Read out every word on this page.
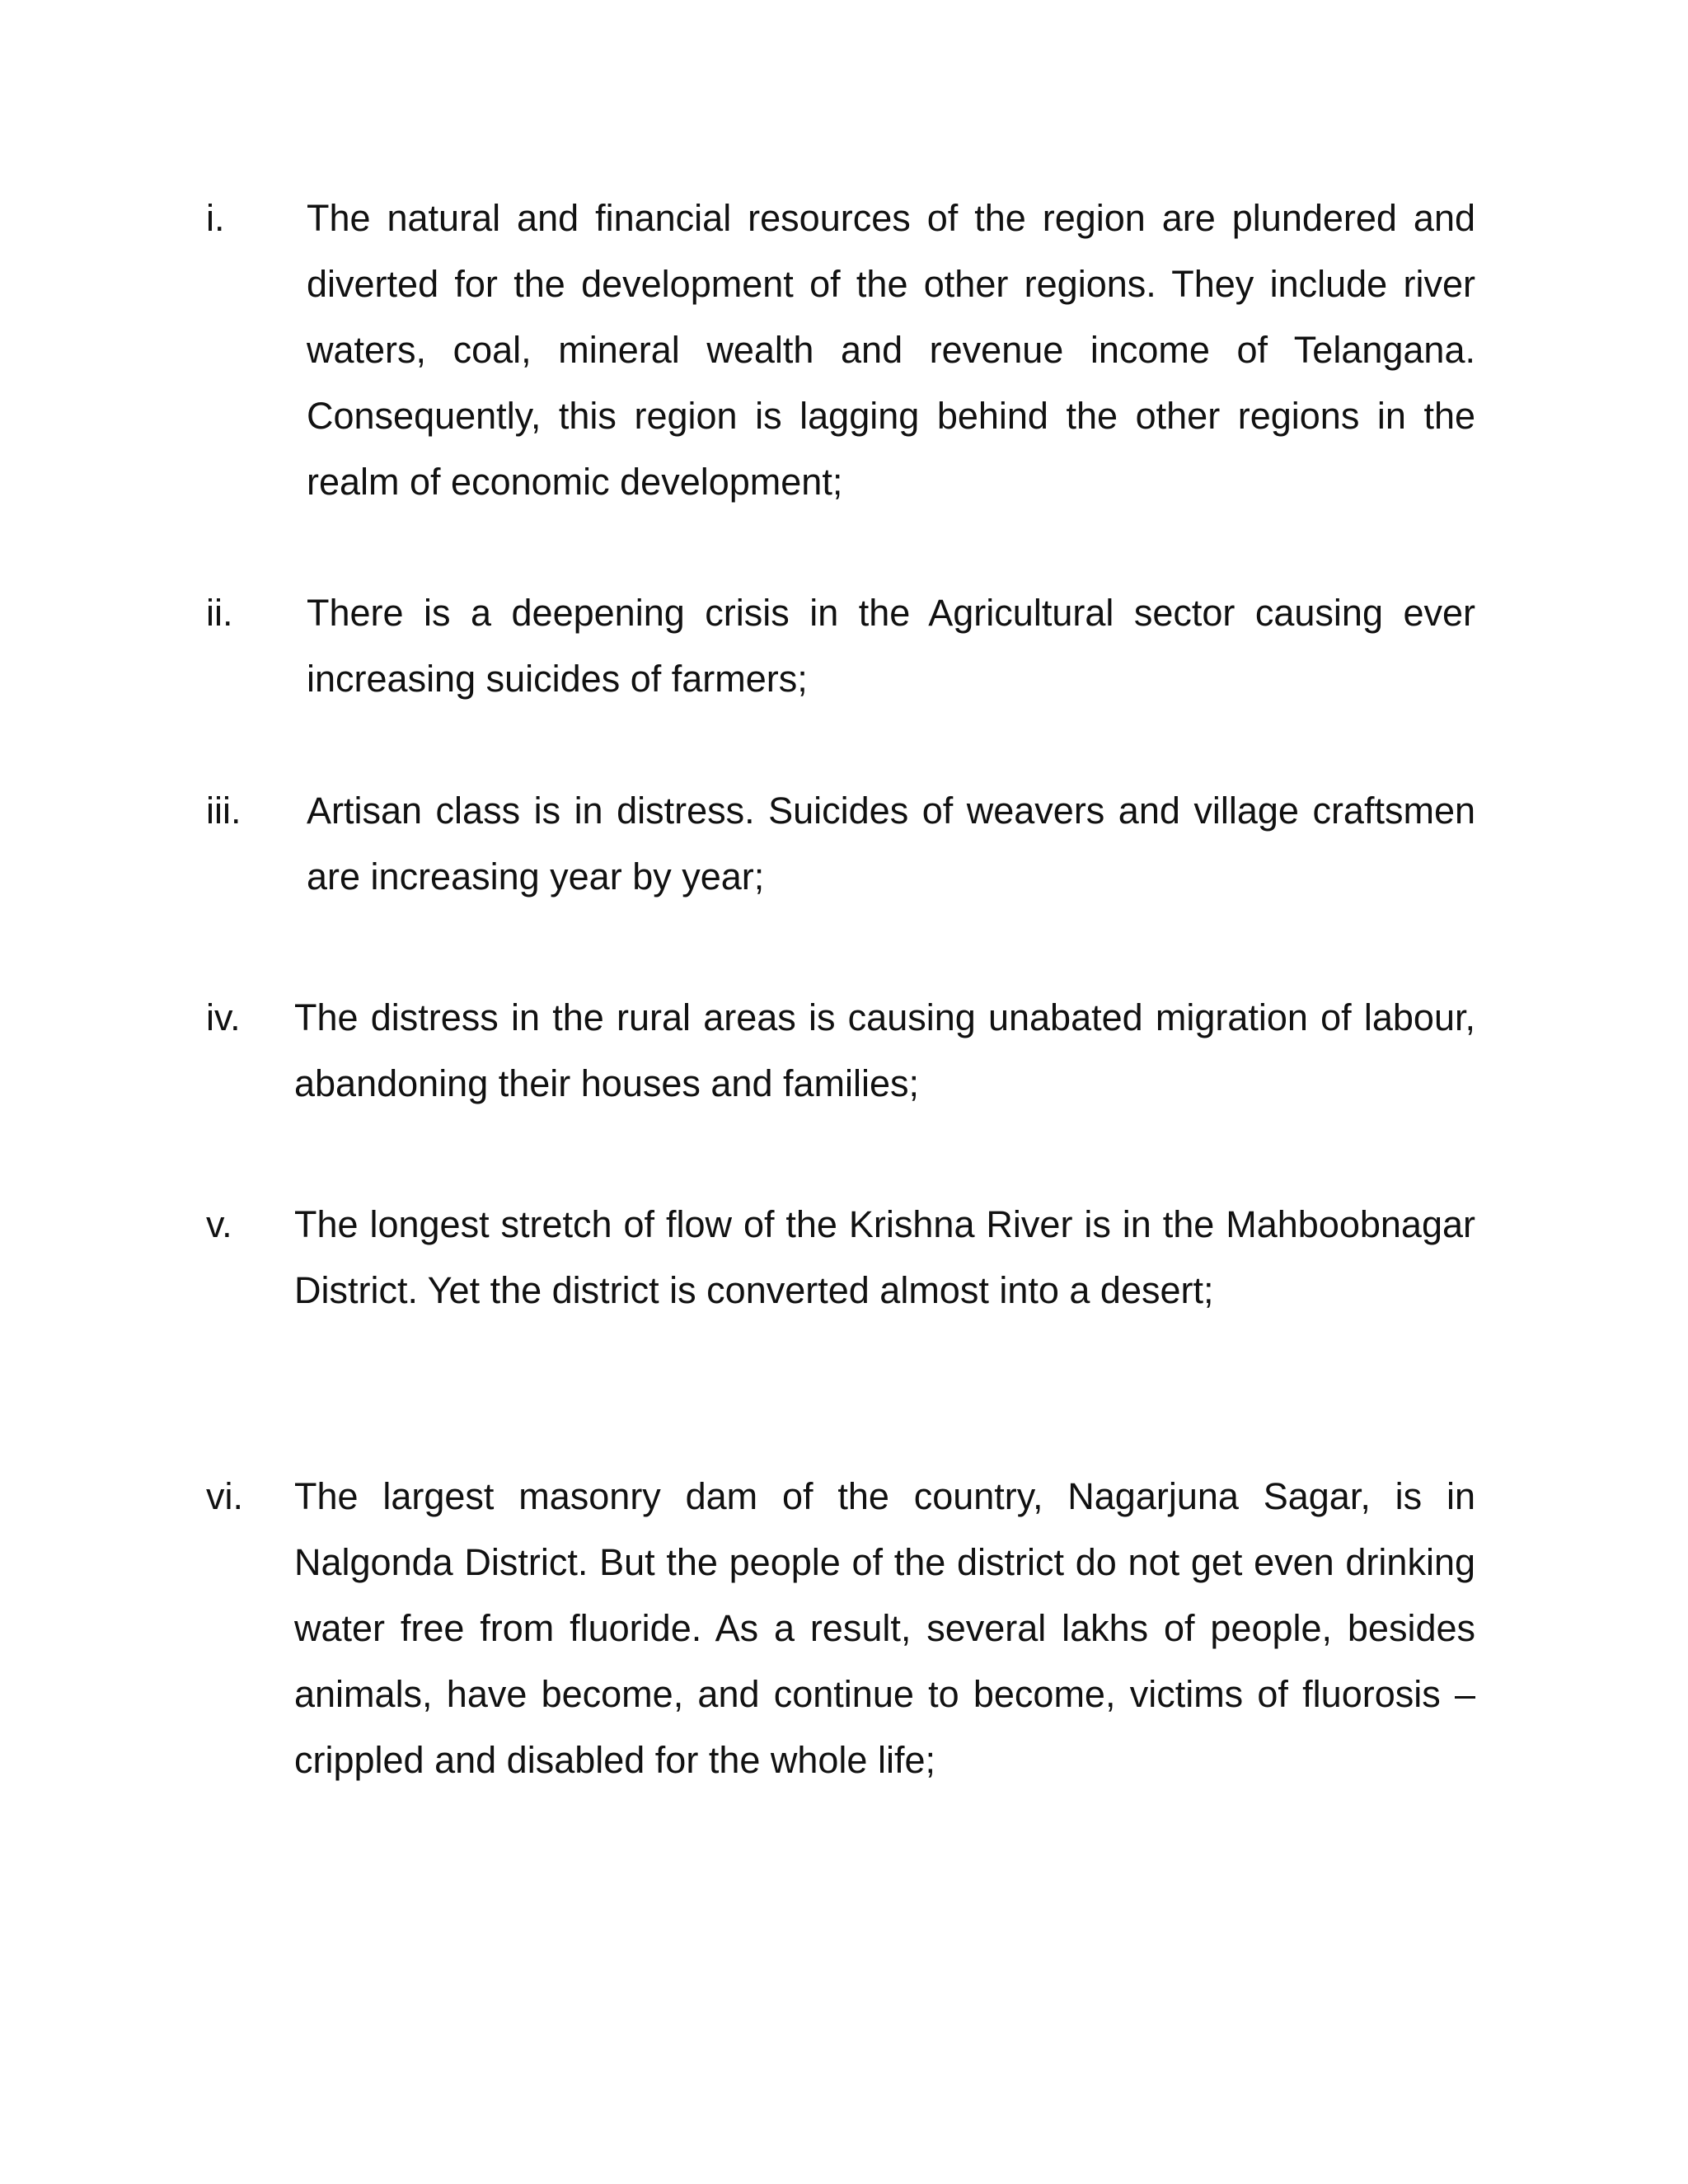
i. The natural and financial resources of the region are plundered and diverted for the development of the other regions. They include river waters, coal, mineral wealth and revenue income of Telangana. Consequently, this region is lagging behind the other regions in the realm of economic development;
ii. There is a deepening crisis in the Agricultural sector causing ever increasing suicides of farmers;
iii. Artisan class is in distress. Suicides of weavers and village craftsmen are increasing year by year;
iv. The distress in the rural areas is causing unabated migration of labour, abandoning their houses and families;
v. The longest stretch of flow of the Krishna River is in the Mahboobnagar District. Yet the district is converted almost into a desert;
vi. The largest masonry dam of the country, Nagarjuna Sagar, is in Nalgonda District. But the people of the district do not get even drinking water free from fluoride. As a result, several lakhs of people, besides animals, have become, and continue to become, victims of fluorosis – crippled and disabled for the whole life;
